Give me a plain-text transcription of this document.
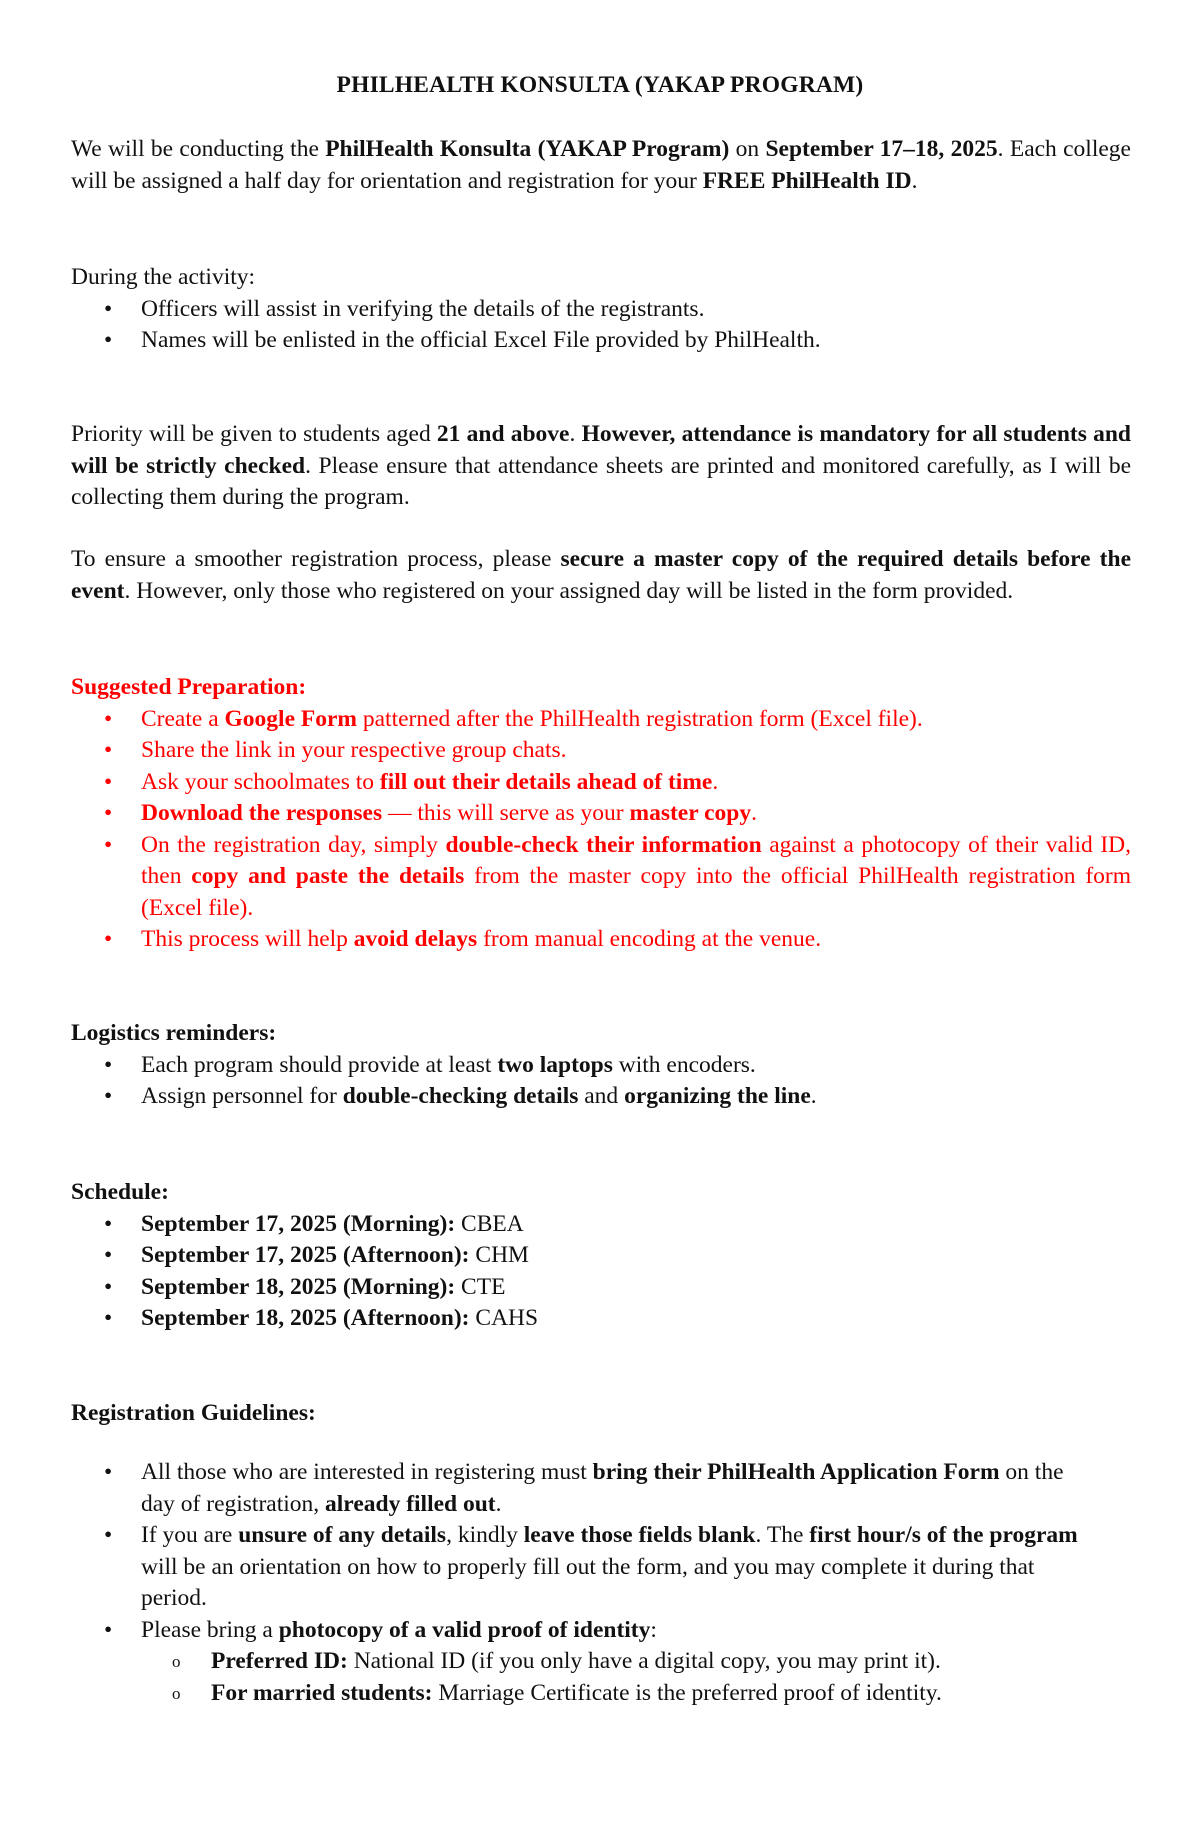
PHILHEALTH KONSULTA (YAKAP PROGRAM)
We will be conducting the PhilHealth Konsulta (YAKAP Program) on September 17–18, 2025. Each college will be assigned a half day for orientation and registration for your FREE PhilHealth ID.
During the activity:
• Officers will assist in verifying the details of the registrants.
• Names will be enlisted in the official Excel File provided by PhilHealth.
Priority will be given to students aged 21 and above. However, attendance is mandatory for all students and will be strictly checked. Please ensure that attendance sheets are printed and monitored carefully, as I will be collecting them during the program.
To ensure a smoother registration process, please secure a master copy of the required details before the event. However, only those who registered on your assigned day will be listed in the form provided.
Suggested Preparation:
• Create a Google Form patterned after the PhilHealth registration form (Excel file).
• Share the link in your respective group chats.
• Ask your schoolmates to fill out their details ahead of time.
• Download the responses — this will serve as your master copy.
• On the registration day, simply double-check their information against a photocopy of their valid ID, then copy and paste the details from the master copy into the official PhilHealth registration form (Excel file).
• This process will help avoid delays from manual encoding at the venue.
Logistics reminders:
• Each program should provide at least two laptops with encoders.
• Assign personnel for double-checking details and organizing the line.
Schedule:
• September 17, 2025 (Morning): CBEA
• September 17, 2025 (Afternoon): CHM
• September 18, 2025 (Morning): CTE
• September 18, 2025 (Afternoon): CAHS
Registration Guidelines:
• All those who are interested in registering must bring their PhilHealth Application Form on the day of registration, already filled out.
• If you are unsure of any details, kindly leave those fields blank. The first hour/s of the program will be an orientation on how to properly fill out the form, and you may complete it during that period.
• Please bring a photocopy of a valid proof of identity:
o Preferred ID: National ID (if you only have a digital copy, you may print it).
o For married students: Marriage Certificate is the preferred proof of identity.
